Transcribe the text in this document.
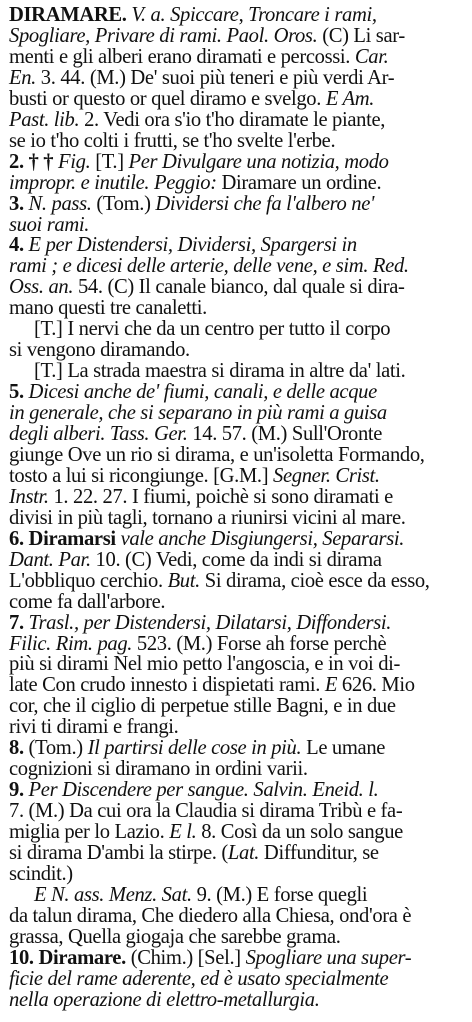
DIRAMARE. V. a. Spiccare, Troncare i rami,
Spogliare, Privare di rami. Paol. Oros. (C) Li sar-
menti e gli alberi erano diramati e percossi. Car.
En. 3. 44. (M.) De' suoi più teneri e più verdi Ar-
busti or questo or quel diramo e svelgo. E Am.
Past. lib. 2. Vedi ora s'io t'ho diramate le piante,
se io t'ho colti i frutti, se t'ho svelte l'erbe.
2. † † Fig. [T.] Per Divulgare una notizia, modo
impropr. e inutile. Peggio: Diramare un ordine.
3. N. pass. (Tom.) Dividersi che fa l'albero ne'
suoi rami.
4. E per Distendersi, Dividersi, Spargersi in
rami ; e dicesi delle arterie, delle vene, e sim. Red.
Oss. an. 54. (C) Il canale bianco, dal quale si dira-
mano questi tre canaletti.
[T.] I nervi che da un centro per tutto il corpo
si vengono diramando.
[T.] La strada maestra si dirama in altre da' lati.
5. Dicesi anche de' fiumi, canali, e delle acque
in generale, che si separano in più rami a guisa
degli alberi. Tass. Ger. 14. 57. (M.) Sull'Oronte
giunge Ove un rio si dirama, e un'isoletta Formando,
tosto a lui si ricongiunge. [G.M.] Segner. Crist.
Instr. 1. 22. 27. I fiumi, poichè si sono diramati e
divisi in più tagli, tornano a riunirsi vicini al mare.
6. Diramarsi vale anche Disgiungersi, Separarsi.
Dant. Par. 10. (C) Vedi, come da indi si dirama
L'obbliquo cerchio. But. Si dirama, cioè esce da esso,
come fa dall'arbore.
7. Trasl., per Distendersi, Dilatarsi, Diffondersi.
Filic. Rim. pag. 523. (M.) Forse ah forse perchè
più si dirami Nel mio petto l'angoscia, e in voi di-
late Con crudo innesto i dispietati rami. E 626. Mio
cor, che il ciglio di perpetue stille Bagni, e in due
rivi ti dirami e frangi.
8. (Tom.) Il partirsi delle cose in più. Le umane
cognizioni si diramano in ordini varii.
9. Per Discendere per sangue. Salvin. Eneid. l.
7. (M.) Da cui ora la Claudia si dirama Tribù e fa-
miglia per lo Lazio. E l. 8. Così da un solo sangue
si dirama D'ambi la stirpe. (Lat. Diffunditur, se
scindit.)
E N. ass. Menz. Sat. 9. (M.) E forse quegli
da talun dirama, Che diedero alla Chiesa, ond'ora è
grassa, Quella giogaja che sarebbe grama.
10. Diramare. (Chim.) [Sel.] Spogliare una super-
ficie del rame aderente, ed è usato specialmente
nella operazione di elettro-metallurgia.
